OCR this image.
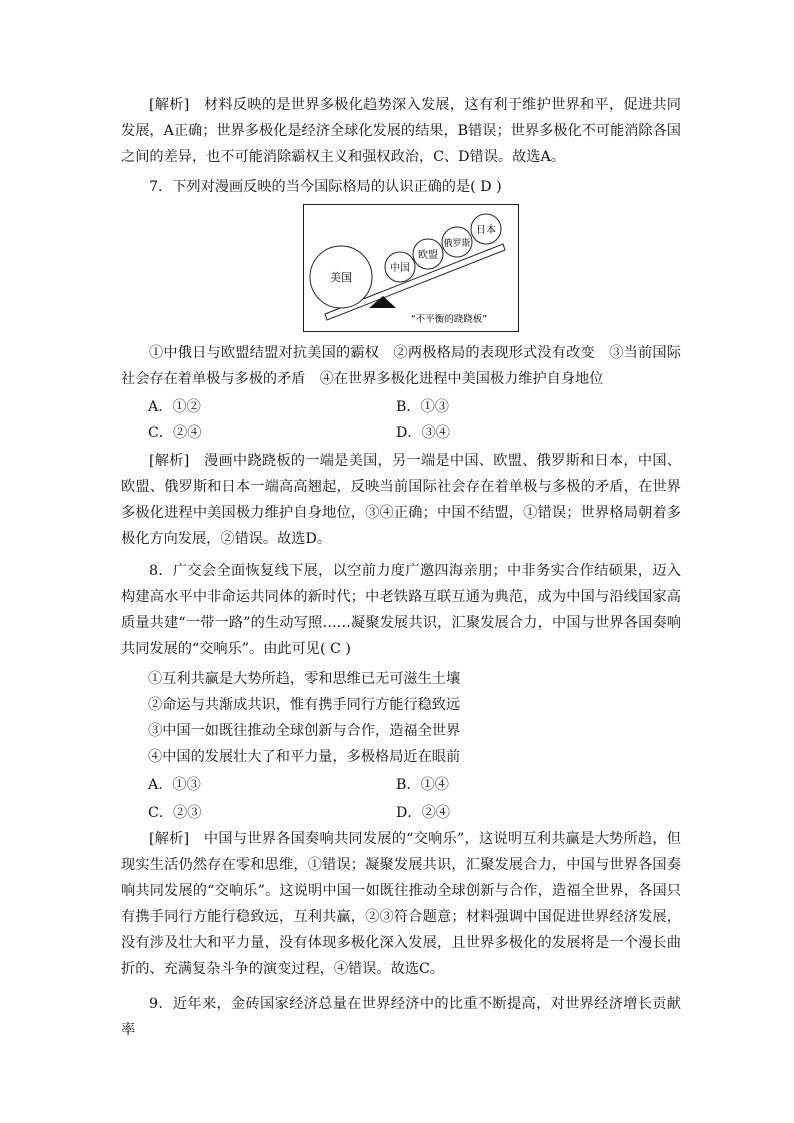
[解析]　材料反映的是世界多极化趋势深入发展，这有利于维护世界和平，促进共同发展，A正确；世界多极化是经济全球化发展的结果，B错误；世界多极化不可能消除各国之间的差异，也不可能消除霸权主义和强权政治，C、D错误。故选A。

7．下列对漫画反映的当今国际格局的认识正确的是( D )

美国
中国
欧盟
俄罗斯
日本
“不平衡的跷跷板”

①中俄日与欧盟结盟对抗美国的霸权　②两极格局的表现形式没有改变　③当前国际社会存在着单极与多极的矛盾　④在世界多极化进程中美国极力维护自身地位

A．①②	B．①③
C．②④	D．③④

[解析]　漫画中跷跷板的一端是美国，另一端是中国、欧盟、俄罗斯和日本，中国、欧盟、俄罗斯和日本一端高高翘起，反映当前国际社会存在着单极与多极的矛盾，在世界多极化进程中美国极力维护自身地位，③④正确；中国不结盟，①错误；世界格局朝着多极化方向发展，②错误。故选D。

8．广交会全面恢复线下展，以空前力度广邀四海亲朋；中非务实合作结硕果，迈入构建高水平中非命运共同体的新时代；中老铁路互联互通为典范，成为中国与沿线国家高质量共建“一带一路”的生动写照……凝聚发展共识，汇聚发展合力，中国与世界各国奏响共同发展的“交响乐”。由此可见( C )

①互利共赢是大势所趋，零和思维已无可滋生土壤
②命运与共渐成共识，惟有携手同行方能行稳致远
③中国一如既往推动全球创新与合作，造福全世界
④中国的发展壮大了和平力量，多极格局近在眼前
A．①③	B．①④
C．②③	D．②④

[解析]　中国与世界各国奏响共同发展的“交响乐”，这说明互利共赢是大势所趋，但现实生活仍然存在零和思维，①错误；凝聚发展共识，汇聚发展合力，中国与世界各国奏响共同发展的“交响乐”。这说明中国一如既往推动全球创新与合作，造福全世界，各国只有携手同行方能行稳致远，互利共赢，②③符合题意；材料强调中国促进世界经济发展，没有涉及壮大和平力量，没有体现多极化深入发展，且世界多极化的发展将是一个漫长曲折的、充满复杂斗争的演变过程，④错误。故选C。

9．近年来，金砖国家经济总量在世界经济中的比重不断提高，对世界经济增长贡献率
